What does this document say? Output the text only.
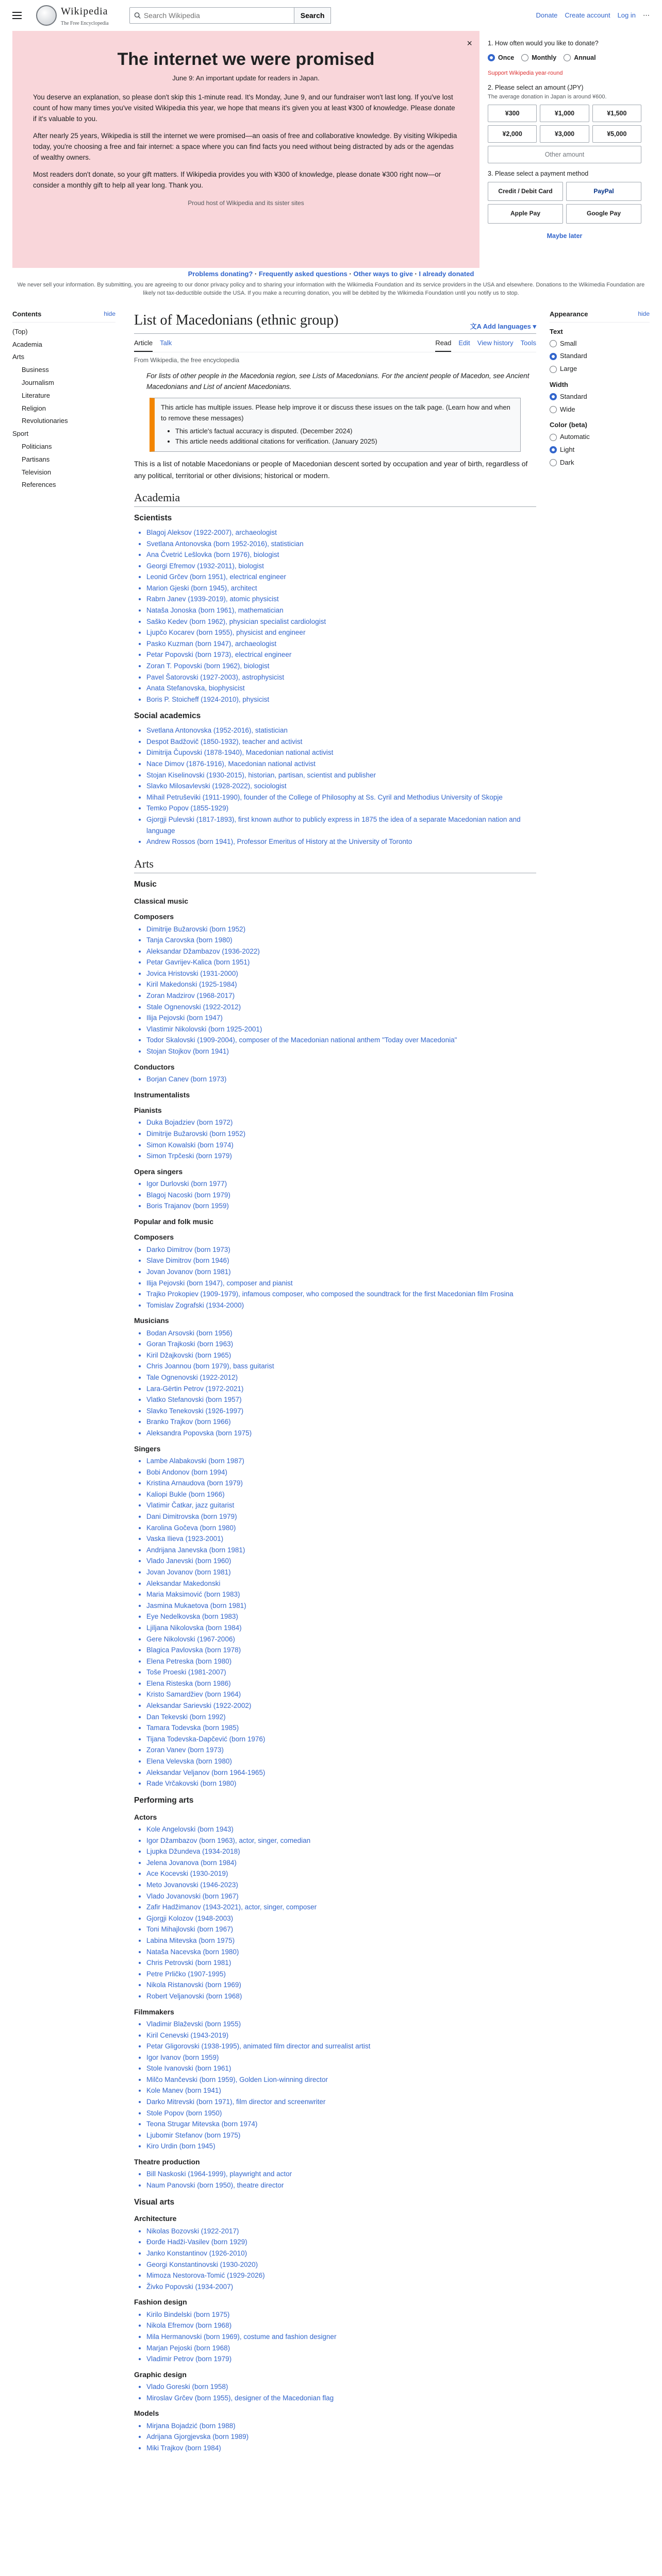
Wikipedia
The Free Encyclopedia
Search Wikipedia
Search	Donate Create account Log in ⋯
×
The internet we were promised
June 9: An important update for readers in Japan.

You deserve an explanation, so please don't skip this 1-minute read. It's Monday, June 9, and our fundraiser won't last long. If you've lost count of how many times you've visited Wikipedia this year, we hope that means it's given you at least ¥300 of knowledge. Please donate if it's valuable to you.

After nearly 25 years, Wikipedia is still the internet we were promised—an oasis of free and collaborative knowledge. By visiting Wikipedia today, you're choosing a free and fair internet: a space where you can find facts you need without being distracted by ads or the agendas of wealthy owners.

Most readers don't donate, so your gift matters. If Wikipedia provides you with ¥300 of knowledge, please donate ¥300 right now—or consider a monthly gift to help all year long. Thank you.

Proud host of Wikipedia and its sister sites
1. How often would you like to donate?
Once	Monthly	Annual
Support Wikipedia year-round
2. Please select an amount (JPY)
The average donation in Japan is around ¥600.
¥300	¥1,000	¥1,500
¥2,000	¥3,000	¥5,000
Other amount
3. Please select a payment method
Credit / Debit Card	PayPal
Apple Pay	Google Pay
Maybe later
Problems donating? · Frequently asked questions · Other ways to give · I already donated
We never sell your information. By submitting, you are agreeing to our donor privacy policy and to sharing your information with the Wikimedia Foundation and its service providers in the USA and elsewhere. Donations to the Wikimedia Foundation are likely not tax-deductible outside the USA. If you make a recurring donation, you will be debited by the Wikimedia Foundation until you notify us to stop.
Contents	hide
(Top)
Academia
Arts
Business
Journalism
Literature
Religion
Revolutionaries
Sport
Politicians
Partisans
Television
References
List of Macedonians (ethnic group)	文A Add languages ▾
Article Talk	Read Edit View history Tools
From Wikipedia, the free encyclopedia
For lists of other people in the Macedonia region, see Lists of Macedonians. For the ancient people of Macedon, see Ancient Macedonians and List of ancient Macedonians.
This article has multiple issues. Please help improve it or discuss these issues on the talk page. (Learn how and when to remove these messages)
• This article's factual accuracy is disputed. (December 2024)
• This article needs additional citations for verification. (January 2025)

This is a list of notable Macedonians or people of Macedonian descent sorted by occupation and year of birth, regardless of any political, territorial or other divisions; historical or modern.

Academia
Scientists
• Blagoj Aleksov (1922-2007), archaeologist
• Svetlana Antonovska (born 1952-2016), statistician
• Ana Čvetrić Lešlovka (born 1976), biologist
• Georgi Efremov (1932-2011), biologist
• Leonid Grčev (born 1951), electrical engineer
• Marion Gjeski (born 1945), architect
• Rabrn Janev (1939-2019), atomic physicist
• Nataša Jonoska (born 1961), mathematician
• Saško Kedev (born 1962), physician specialist cardiologist
• Ljupčo Kocarev (born 1955), physicist and engineer
• Pasko Kuzman (born 1947), archaeologist
• Petar Popovski (born 1973), electrical engineer
• Zoran T. Popovski (born 1962), biologist
• Pavel Šatorovski (1927-2003), astrophysicist
• Anata Stefanovska, biophysicist
• Boris P. Stoicheff (1924-2010), physicist
Social academics
• Svetlana Antonovska (1952-2016), statistician
• Despot Badžovič (1850-1932), teacher and activist
• Dimitrija Čupovski (1878-1940), Macedonian national activist
• Nace Dimov (1876-1916), Macedonian national activist
• Stojan Kiselinovski (1930-2015), historian, partisan, scientist and publisher
• Slavko Milosavlevski (1928-2022), sociologist
• Mihail Petruševiki (1911-1990), founder of the College of Philosophy at Ss. Cyril and Methodius University of Skopje
• Temko Popov (1855-1929)
• Gjorgji Pulevski (1817-1893), first known author to publicly express in 1875 the idea of a separate Macedonian nation and language
• Andrew Rossos (born 1941), Professor Emeritus of History at the University of Toronto
Arts
Music
Classical music
Composers
• Dimitrije Bužarovski (born 1952)
• Tanja Carovska (born 1980)
• Aleksandar Džambazov (1936-2022)
• Petar Gavrijev-Kalica (born 1951)
• Jovica Hristovski (1931-2000)
• Kiril Makedonski (1925-1984)
• Zoran Madzirov (1968-2017)
• Stale Ognenovski (1922-2012)
• Ilija Pejovski (born 1947)
• Vlastimir Nikolovski (born 1925-2001)
• Todor Skalovski (1909-2004), composer of the Macedonian national anthem "Today over Macedonia"
• Stojan Stojkov (born 1941)
Conductors
• Borjan Canev (born 1973)
Instrumentalists
Pianists
• Duka Bojadziev (born 1972)
• Dimitrije Bužarovski (born 1952)
• Simon Kowalski (born 1974)
• Simon Trpčeski (born 1979)
Opera singers
• Igor Durlovski (born 1977)
• Blagoj Nacoski (born 1979)
• Boris Trajanov (born 1959)
Popular and folk music
Composers
• Darko Dimitrov (born 1973)
• Slave Dimitrov (born 1946)
• Jovan Jovanov (born 1981)
• Ilija Pejovski (born 1947), composer and pianist
• Trajko Prokopiev (1909-1979), infamous composer, who composed the soundtrack for the first Macedonian film Frosina
• Tomislav Zografski (1934-2000)
Musicians
• Bodan Arsovski (born 1956)
• Goran Trajkoski (born 1963)
• Kiril Džajkovski (born 1965)
• Chris Joannou (born 1979), bass guitarist
• Tale Ognenovski (1922-2012)
• Lara-Gërtin Petrov (1972-2021)
• Vlatko Stefanovski (born 1957)
• Slavko Tenekovski (1926-1997)
• Branko Trajkov (born 1966)
• Aleksandra Popovska (born 1975)
Singers
• Lambe Alabakovski (born 1987)
• Bobi Andonov (born 1994)
• Kristina Arnaudova (born 1979)
• Kaliopi Bukle (born 1966)
• Vlatimir Čatkar, jazz guitarist
• Dani Dimitrovska (born 1979)
• Karolina Gočeva (born 1980)
• Vaska Ilieva (1923-2001)
• Andrijana Janevska (born 1981)
• Vlado Janevski (born 1960)
• Jovan Jovanov (born 1981)
• Aleksandar Makedonski
• Maria Maksimović (born 1983)
• Jasmina Mukaetova (born 1981)
• Eye Nedelkovska (born 1983)
• Ljiljana Nikolovska (born 1984)
• Gere Nikolovski (1967-2006)
• Blagica Pavlovska (born 1978)
• Elena Petreska (born 1980)
• Toše Proeski (1981-2007)
• Elena Risteska (born 1986)
• Kristo Samardžiev (born 1964)
• Aleksandar Sarievski (1922-2002)
• Dan Tekevski (born 1992)
• Tamara Todevska (born 1985)
• Tijana Todevska-Dapčević (born 1976)
• Zoran Vanev (born 1973)
• Elena Velevska (born 1980)
• Aleksandar Veljanov (born 1964-1965)
• Rade Vrčakovski (born 1980)
Performing arts
Actors
• Kole Angelovski (born 1943)
• Igor Džambazov (born 1963), actor, singer, comedian
• Ljupka Džundeva (1934-2018)
• Jelena Jovanova (born 1984)
• Ace Kocevski (1930-2019)
• Meto Jovanovski (1946-2023)
• Vlado Jovanovski (born 1967)
• Zafir Hadžimanov (1943-2021), actor, singer, composer
• Gjorgji Kolozov (1948-2003)
• Toni Mihajlovski (born 1967)
• Labina Mitevska (born 1975)
• Nataša Nacevska (born 1980)
• Chris Petrovski (born 1981)
• Petre Prličko (1907-1995)
• Nikola Ristanovski (born 1969)
• Robert Veljanovski (born 1968)
Filmmakers
• Vladimir Blaževski (born 1955)
• Kiril Cenevski (1943-2019)
• Petar Gligorovski (1938-1995), animated film director and surrealist artist
• Igor Ivanov (born 1959)
• Stole Ivanovski (born 1961)
• Milčo Mančevski (born 1959), Golden Lion-winning director
• Kole Manev (born 1941)
• Darko Mitrevski (born 1971), film director and screenwriter
• Stole Popov (born 1950)
• Teona Strugar Mitevska (born 1974)
• Ljubomir Stefanov (born 1975)
• Kiro Urdin (born 1945)
Theatre production
• Bill Naskoski (1964-1999), playwright and actor
• Naum Panovski (born 1950), theatre director
Visual arts
Architecture
• Nikolas Bozovski (1922-2017)
• Đorđe Hadži-Vasilev (born 1929)
• Janko Konstantinov (1926-2010)
• Georgi Konstantinovski (1930-2020)
• Mimoza Nestorova-Tomić (1929-2026)
• Živko Popovski (1934-2007)
Fashion design
• Kirilo Bindelski (born 1975)
• Nikola Efremov (born 1968)
• Mila Hermanovski (born 1969), costume and fashion designer
• Marjan Pejoski (born 1968)
• Vladimir Petrov (born 1979)
Graphic design
• Vlado Goreski (born 1958)
• Miroslav Grčev (born 1955), designer of the Macedonian flag
Models
• Mirjana Bojadzić (born 1988)
• Adrijana Gjorgjevska (born 1989)
• Miki Trajkov (born 1984)
Appearance	hide
Text
Small
Standard
Large
Width
Standard
Wide
Color (beta)
Automatic
Light
Dark
